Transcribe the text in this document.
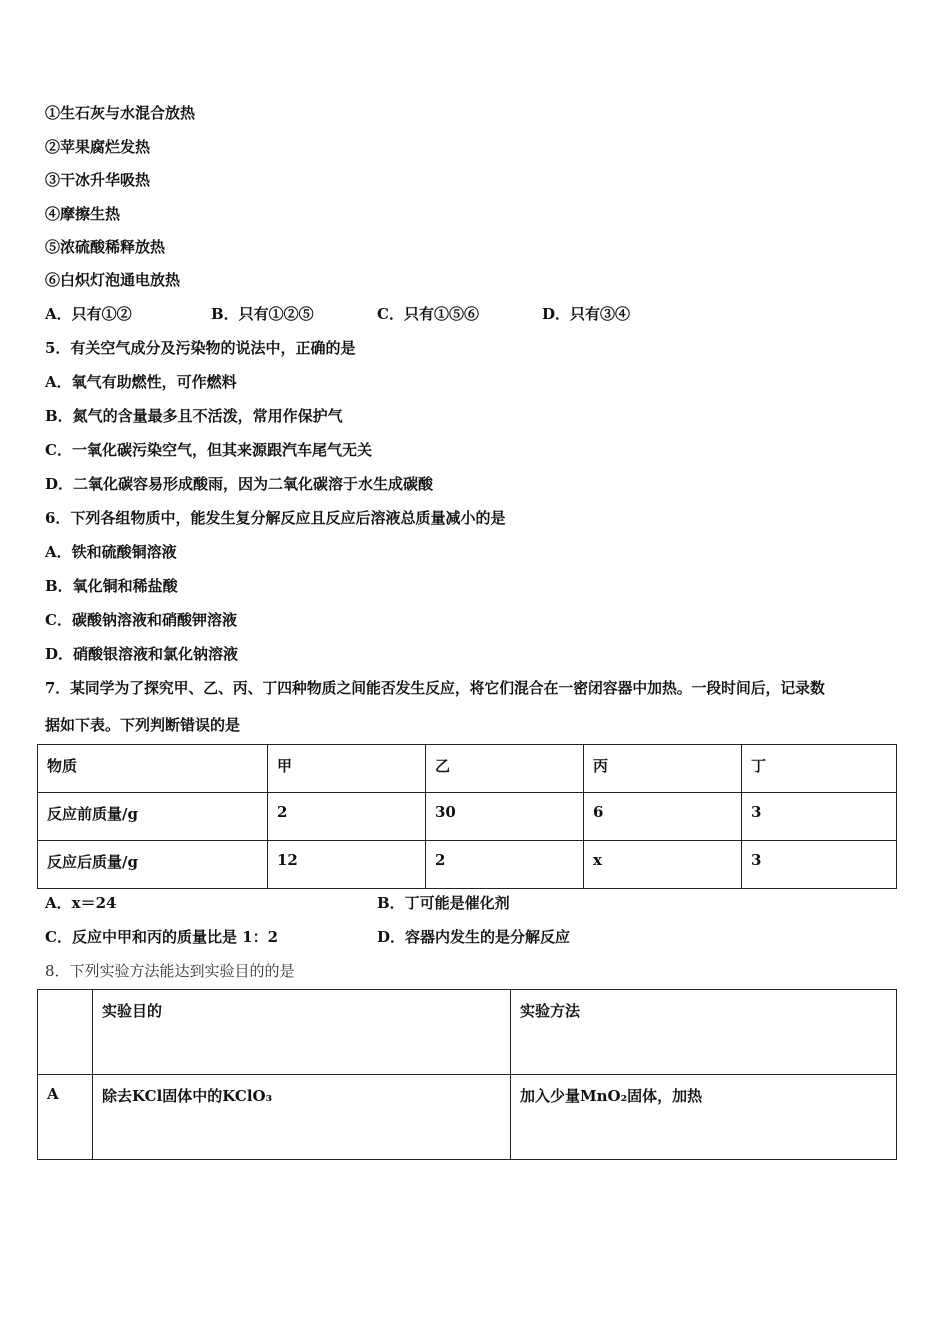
①生石灰与水混合放热
②苹果腐烂发热
③干冰升华吸热
④摩擦生热
⑤浓硫酸稀释放热
⑥白炽灯泡通电放热
A．只有①②	B．只有①②⑤	C．只有①⑤⑥	D．只有③④
5．有关空气成分及污染物的说法中，正确的是
A．氧气有助燃性，可作燃料
B．氮气的含量最多且不活泼，常用作保护气
C．一氧化碳污染空气，但其来源跟汽车尾气无关
D．二氧化碳容易形成酸雨，因为二氧化碳溶于水生成碳酸
6．下列各组物质中，能发生复分解反应且反应后溶液总质量减小的是
A．铁和硫酸铜溶液
B．氧化铜和稀盐酸
C．碳酸钠溶液和硝酸钾溶液
D．硝酸银溶液和氯化钠溶液
7．某同学为了探究甲、乙、丙、丁四种物质之间能否发生反应，将它们混合在一密闭容器中加热。一段时间后，记录数
据如下表。下列判断错误的是
物质	甲	乙	丙	丁
反应前质量/g	2	30	6	3
反应后质量/g	12	2	x	3
A．x＝24	B．丁可能是催化剂
C．反应中甲和丙的质量比是 1：2	D．容器内发生的是分解反应
8．下列实验方法能达到实验目的的是
	实验目的	实验方法
A	除去KCl固体中的KClO₃	加入少量MnO₂固体，加热
